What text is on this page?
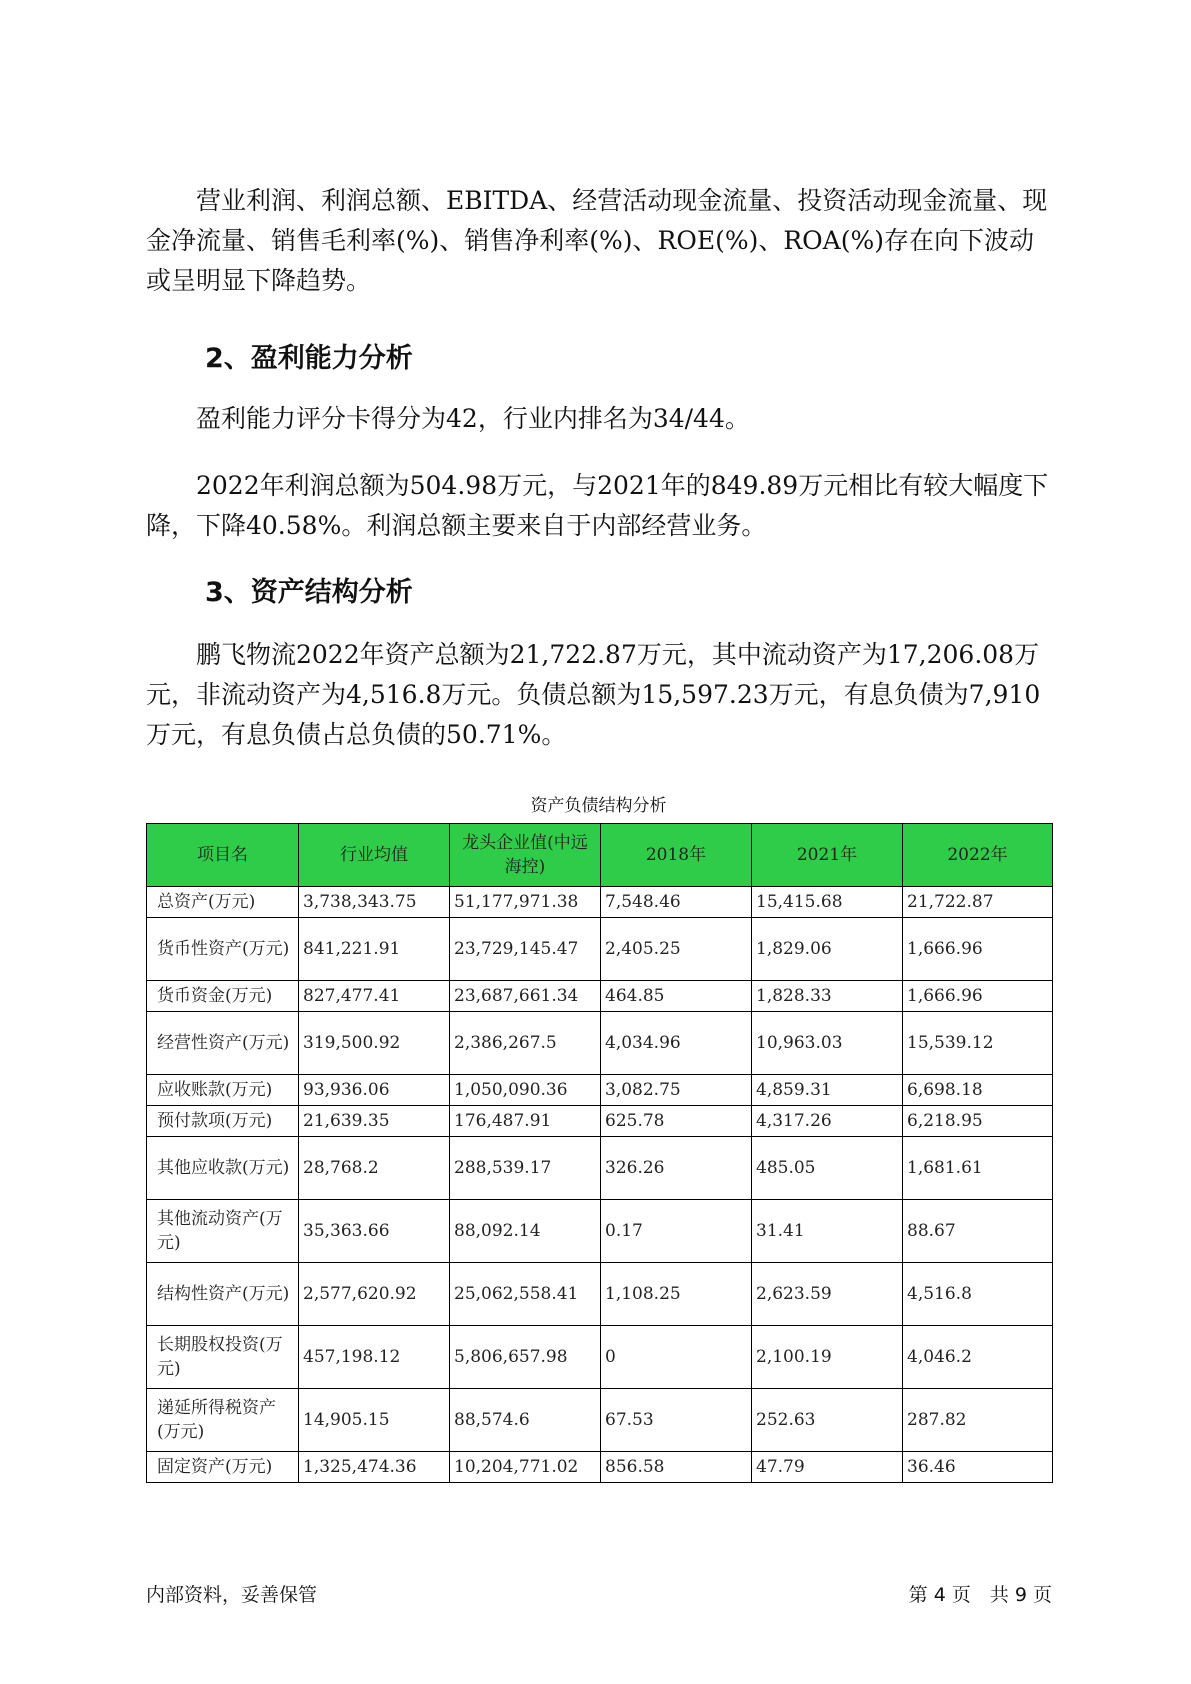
　　营业利润、利润总额、EBITDA、经营活动现金流量、投资活动现金流量、现金净流量、销售毛利率(%)、销售净利率(%)、ROE(%)、ROA(%)存在向下波动或呈明显下降趋势。

2、盈利能力分析

　　盈利能力评分卡得分为42，行业内排名为34/44。

　　2022年利润总额为504.98万元，与2021年的849.89万元相比有较大幅度下降，下降40.58%。利润总额主要来自于内部经营业务。

3、资产结构分析

　　鹏飞物流2022年资产总额为21,722.87万元，其中流动资产为17,206.08万元，非流动资产为4,516.8万元。负债总额为15,597.23万元，有息负债为7,910万元，有息负债占总负债的50.71%。

资产负债结构分析
项目名	行业均值	龙头企业值(中远海控)	2018年	2021年	2022年
总资产(万元)	3,738,343.75	51,177,971.38	7,548.46	15,415.68	21,722.87
货币性资产(万元)	841,221.91	23,729,145.47	2,405.25	1,829.06	1,666.96
货币资金(万元)	827,477.41	23,687,661.34	464.85	1,828.33	1,666.96
经营性资产(万元)	319,500.92	2,386,267.5	4,034.96	10,963.03	15,539.12
应收账款(万元)	93,936.06	1,050,090.36	3,082.75	4,859.31	6,698.18
预付款项(万元)	21,639.35	176,487.91	625.78	4,317.26	6,218.95
其他应收款(万元)	28,768.2	288,539.17	326.26	485.05	1,681.61
其他流动资产(万元)	35,363.66	88,092.14	0.17	31.41	88.67
结构性资产(万元)	2,577,620.92	25,062,558.41	1,108.25	2,623.59	4,516.8
长期股权投资(万元)	457,198.12	5,806,657.98	0	2,100.19	4,046.2
递延所得税资产(万元)	14,905.15	88,574.6	67.53	252.63	287.82
固定资产(万元)	1,325,474.36	10,204,771.02	856.58	47.79	36.46
内部资料，妥善保管	第 4 页　共 9 页
